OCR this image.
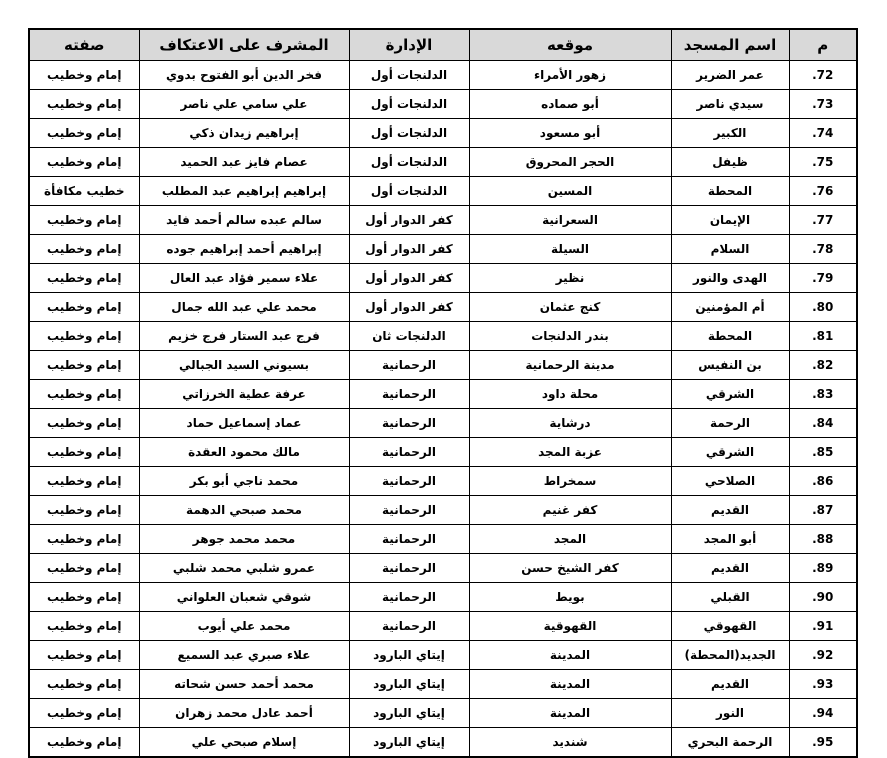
م	اسم المسجد	موقعه	الإدارة	المشرف على الاعتكاف	صفته
72.	عمر الضرير	زهور الأمراء	الدلنجات أول	فخر الدين أبو الفتوح بدوي	إمام وخطيب
73.	سيدي ناصر	أبو صماده	الدلنجات أول	علي سامي علي ناصر	إمام وخطيب
74.	الكبير	أبو مسعود	الدلنجات أول	إبراهيم زيدان ذكي	إمام وخطيب
75.	ظيفل	الحجر المحروق	الدلنجات أول	عصام فايز عبد الحميد	إمام وخطيب
76.	المحطة	المسين	الدلنجات أول	إبراهيم إبراهيم عبد المطلب	خطيب مكافأة
77.	الإيمان	السعرانية	كفر الدوار أول	سالم عبده سالم أحمد فايد	إمام وخطيب
78.	السلام	السيلة	كفر الدوار أول	إبراهيم أحمد إبراهيم جوده	إمام وخطيب
79.	الهدى والنور	نظير	كفر الدوار أول	علاء سمير فؤاد عبد العال	إمام وخطيب
80.	أم المؤمنين	كنج عثمان	كفر الدوار أول	محمد علي عبد الله جمال	إمام وخطيب
81.	المحطة	بندر الدلنجات	الدلنجات ثان	فرج عبد الستار فرج خزيم	إمام وخطيب
82.	بن النفيس	مدينة الرحمانية	الرحمانية	بسيوني السيد الجبالي	إمام وخطيب
83.	الشرقي	محلة داود	الرحمانية	عرفة عطية الخرزاتي	إمام وخطيب
84.	الرحمة	درشاية	الرحمانية	عماد إسماعيل حماد	إمام وخطيب
85.	الشرقي	عزبة المجد	الرحمانية	مالك محمود العقدة	إمام وخطيب
86.	الصلاحي	سمخراط	الرحمانية	محمد ناجي أبو بكر	إمام وخطيب
87.	القديم	كفر غنيم	الرحمانية	محمد صبحي الدهمة	إمام وخطيب
88.	أبو المجد	المجد	الرحمانية	محمد محمد جوهر	إمام وخطيب
89.	القديم	كفر الشيخ حسن	الرحمانية	عمرو شلبي محمد شلبي	إمام وخطيب
90.	القبلي	بويط	الرحمانية	شوقي شعبان العلواني	إمام وخطيب
91.	القهوقي	القهوقية	الرحمانية	محمد علي أيوب	إمام وخطيب
92.	الجديد(المحطة)	المدينة	إيتاي البارود	علاء صبري عبد السميع	إمام وخطيب
93.	القديم	المدينة	إيتاي البارود	محمد أحمد حسن شحاته	إمام وخطيب
94.	النور	المدينة	إيتاي البارود	أحمد عادل محمد زهران	إمام وخطيب
95.	الرحمة البحري	شنديد	إيتاي البارود	إسلام صبحي علي	إمام وخطيب
